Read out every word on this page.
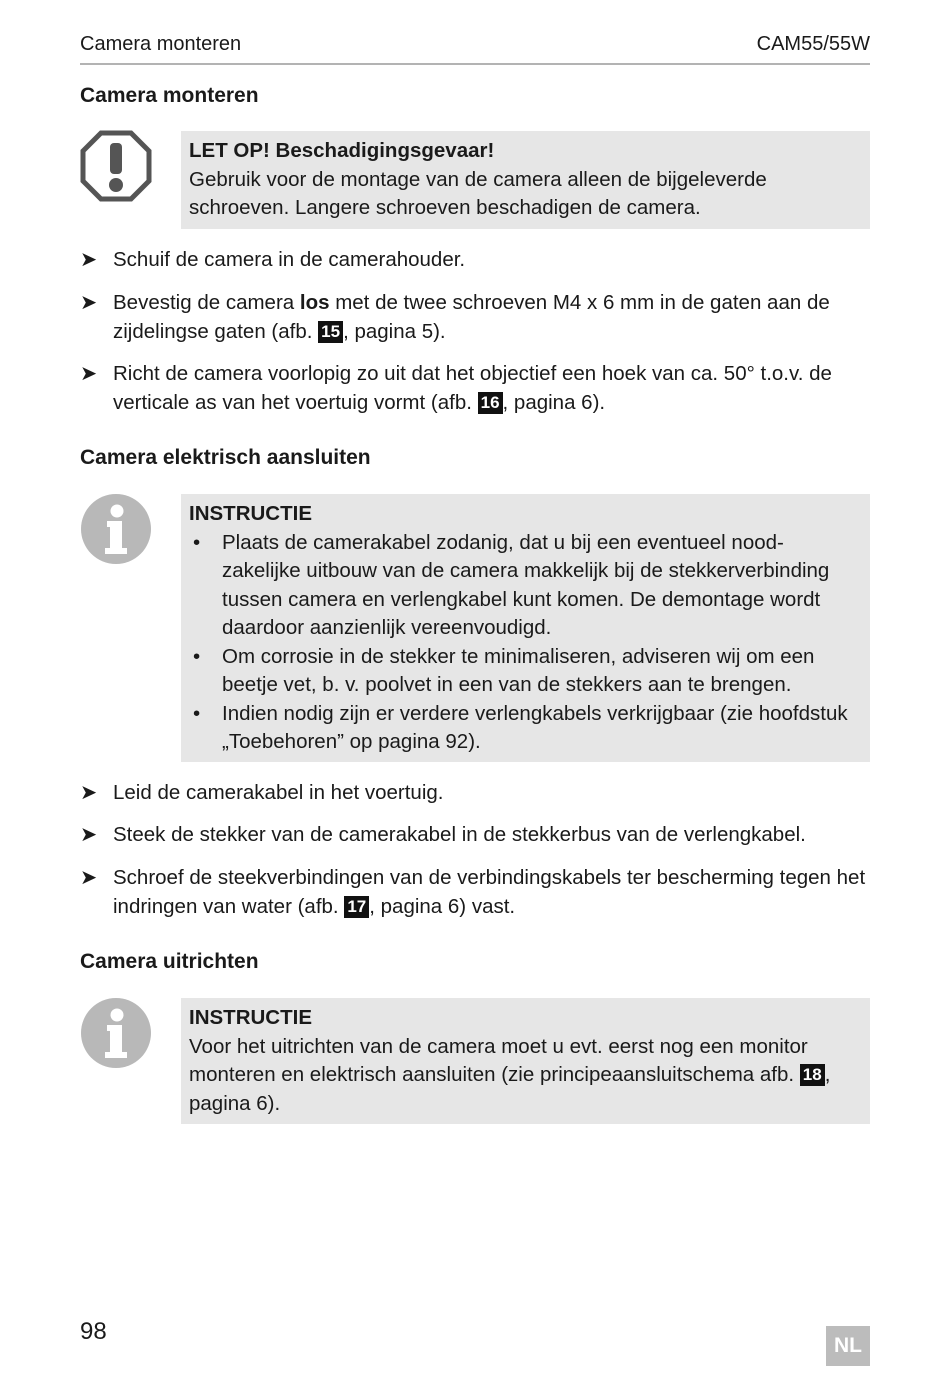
Camera monteren	CAM55/55W
Camera monteren
LET OP! Beschadigingsgevaar!
Gebruik voor de montage van de camera alleen de bijgeleverde schroeven. Langere schroeven beschadigen de camera.
➤ Schuif de camera in de camerahouder.
➤ Bevestig de camera los met de twee schroeven M4 x 6 mm in de gaten aan de zijdelingse gaten (afb. 15 , pagina 5).
➤ Richt de camera voorlopig zo uit dat het objectief een hoek van ca. 50° t.o.v. de verticale as van het voertuig vormt (afb. 16 , pagina 6).
Camera elektrisch aansluiten
INSTRUCTIE
• Plaats de camerakabel zodanig, dat u bij een eventueel nood-zakelijke uitbouw van de camera makkelijk bij de stekkerverbinding tussen camera en verlengkabel kunt komen. De demontage wordt daardoor aanzienlijk vereenvoudigd.
• Om corrosie in de stekker te minimaliseren, adviseren wij om een beetje vet, b. v. poolvet in een van de stekkers aan te brengen.
• Indien nodig zijn er verdere verlengkabels verkrijgbaar (zie hoofdstuk „Toebehoren” op pagina 92).
➤ Leid de camerakabel in het voertuig.
➤ Steek de stekker van de camerakabel in de stekkerbus van de verlengkabel.
➤ Schroef de steekverbindingen van de verbindingskabels ter bescherming tegen het indringen van water (afb. 17 , pagina 6) vast.
Camera uitrichten
INSTRUCTIE
Voor het uitrichten van de camera moet u evt. eerst nog een monitor monteren en elektrisch aansluiten (zie principeaansluitschema afb. 18 , pagina 6).
98
NL
